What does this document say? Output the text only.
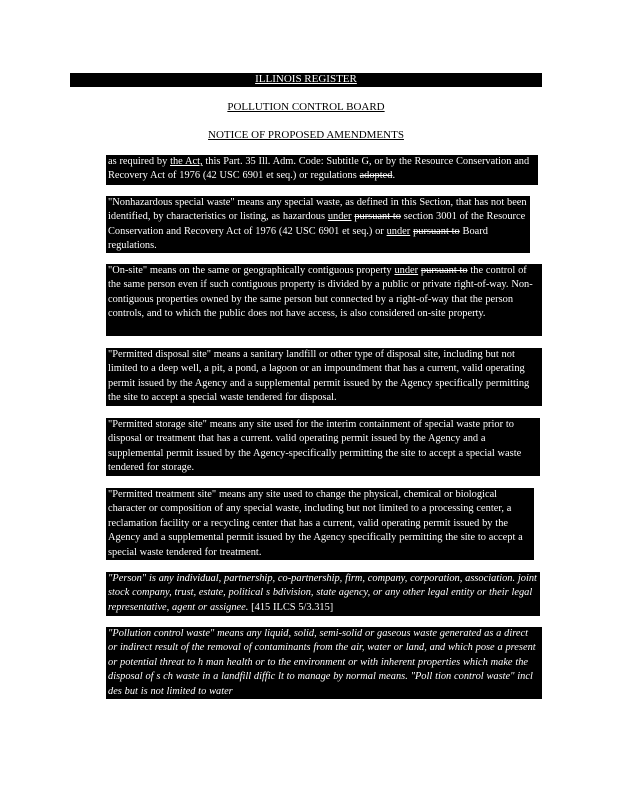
ILLINOIS REGISTER
POLLUTION CONTROL BOARD
NOTICE OF PROPOSED AMENDMENTS

as required by the Act, this Part. 35 Ill. Adm. Code: Subtitle G, or by the Resource Conservation and Recovery Act of 1976 (42 USC 6901 et seq.) or regulations adopted.

"Nonhazardous special waste" means any special waste, as defined in this Section, that has not been identified, by characteristics or listing, as hazardous under pursuant to section 3001 of the Resource Conservation and Recovery Act of 1976 (42 USC 6901 et seq.) or under pursuant to Board regulations.

"On-site" means on the same or geographically contiguous property under pursuant to the control of the same person even if such contiguous property is divided by a public or private right-of-way. Non-contiguous properties owned by the same person but connected by a right-of-way that the person controls, and to which the public does not have access, is also considered on-site property.

"Permitted disposal site" means a sanitary landfill or other type of disposal site, including but not limited to a deep well, a pit, a pond, a lagoon or an impoundment that has a current, valid operating permit issued by the Agency and a supplemental permit issued by the Agency specifically permitting the site to accept a special waste tendered for disposal.

"Permitted storage site" means any site used for the interim containment of special waste prior to disposal or treatment that has a current. valid operating permit issued by the Agency and a supplemental permit issued by the Agency-specifically permitting the site to accept a special waste tendered for storage.

"Permitted treatment site" means any site used to change the physical, chemical or biological character or composition of any special waste, including but not limited to a processing center, a reclamation facility or a recycling center that has a current, valid operating permit issued by the Agency and a supplemental permit issued by the Agency specifically permitting the site to accept a special waste tendered for treatment.

"Person" is any individual, partnership, co-partnership, firm, company, corporation, association. joint stock company, trust, estate, political s bdivision, state agency, or any other legal entity or their legal representative, agent or assignee. [415 ILCS 5/3.315]

"Pollution control waste" means any liquid, solid, semi-solid or gaseous waste generated as a direct or indirect result of the removal of contaminants from the air, water or land, and which pose a present or potential threat to h man health or to the environment or with inherent properties which make the disposal of s ch waste in a landfill diffic lt to manage by normal means. "Poll tion control waste" incl des but is not limited to water
